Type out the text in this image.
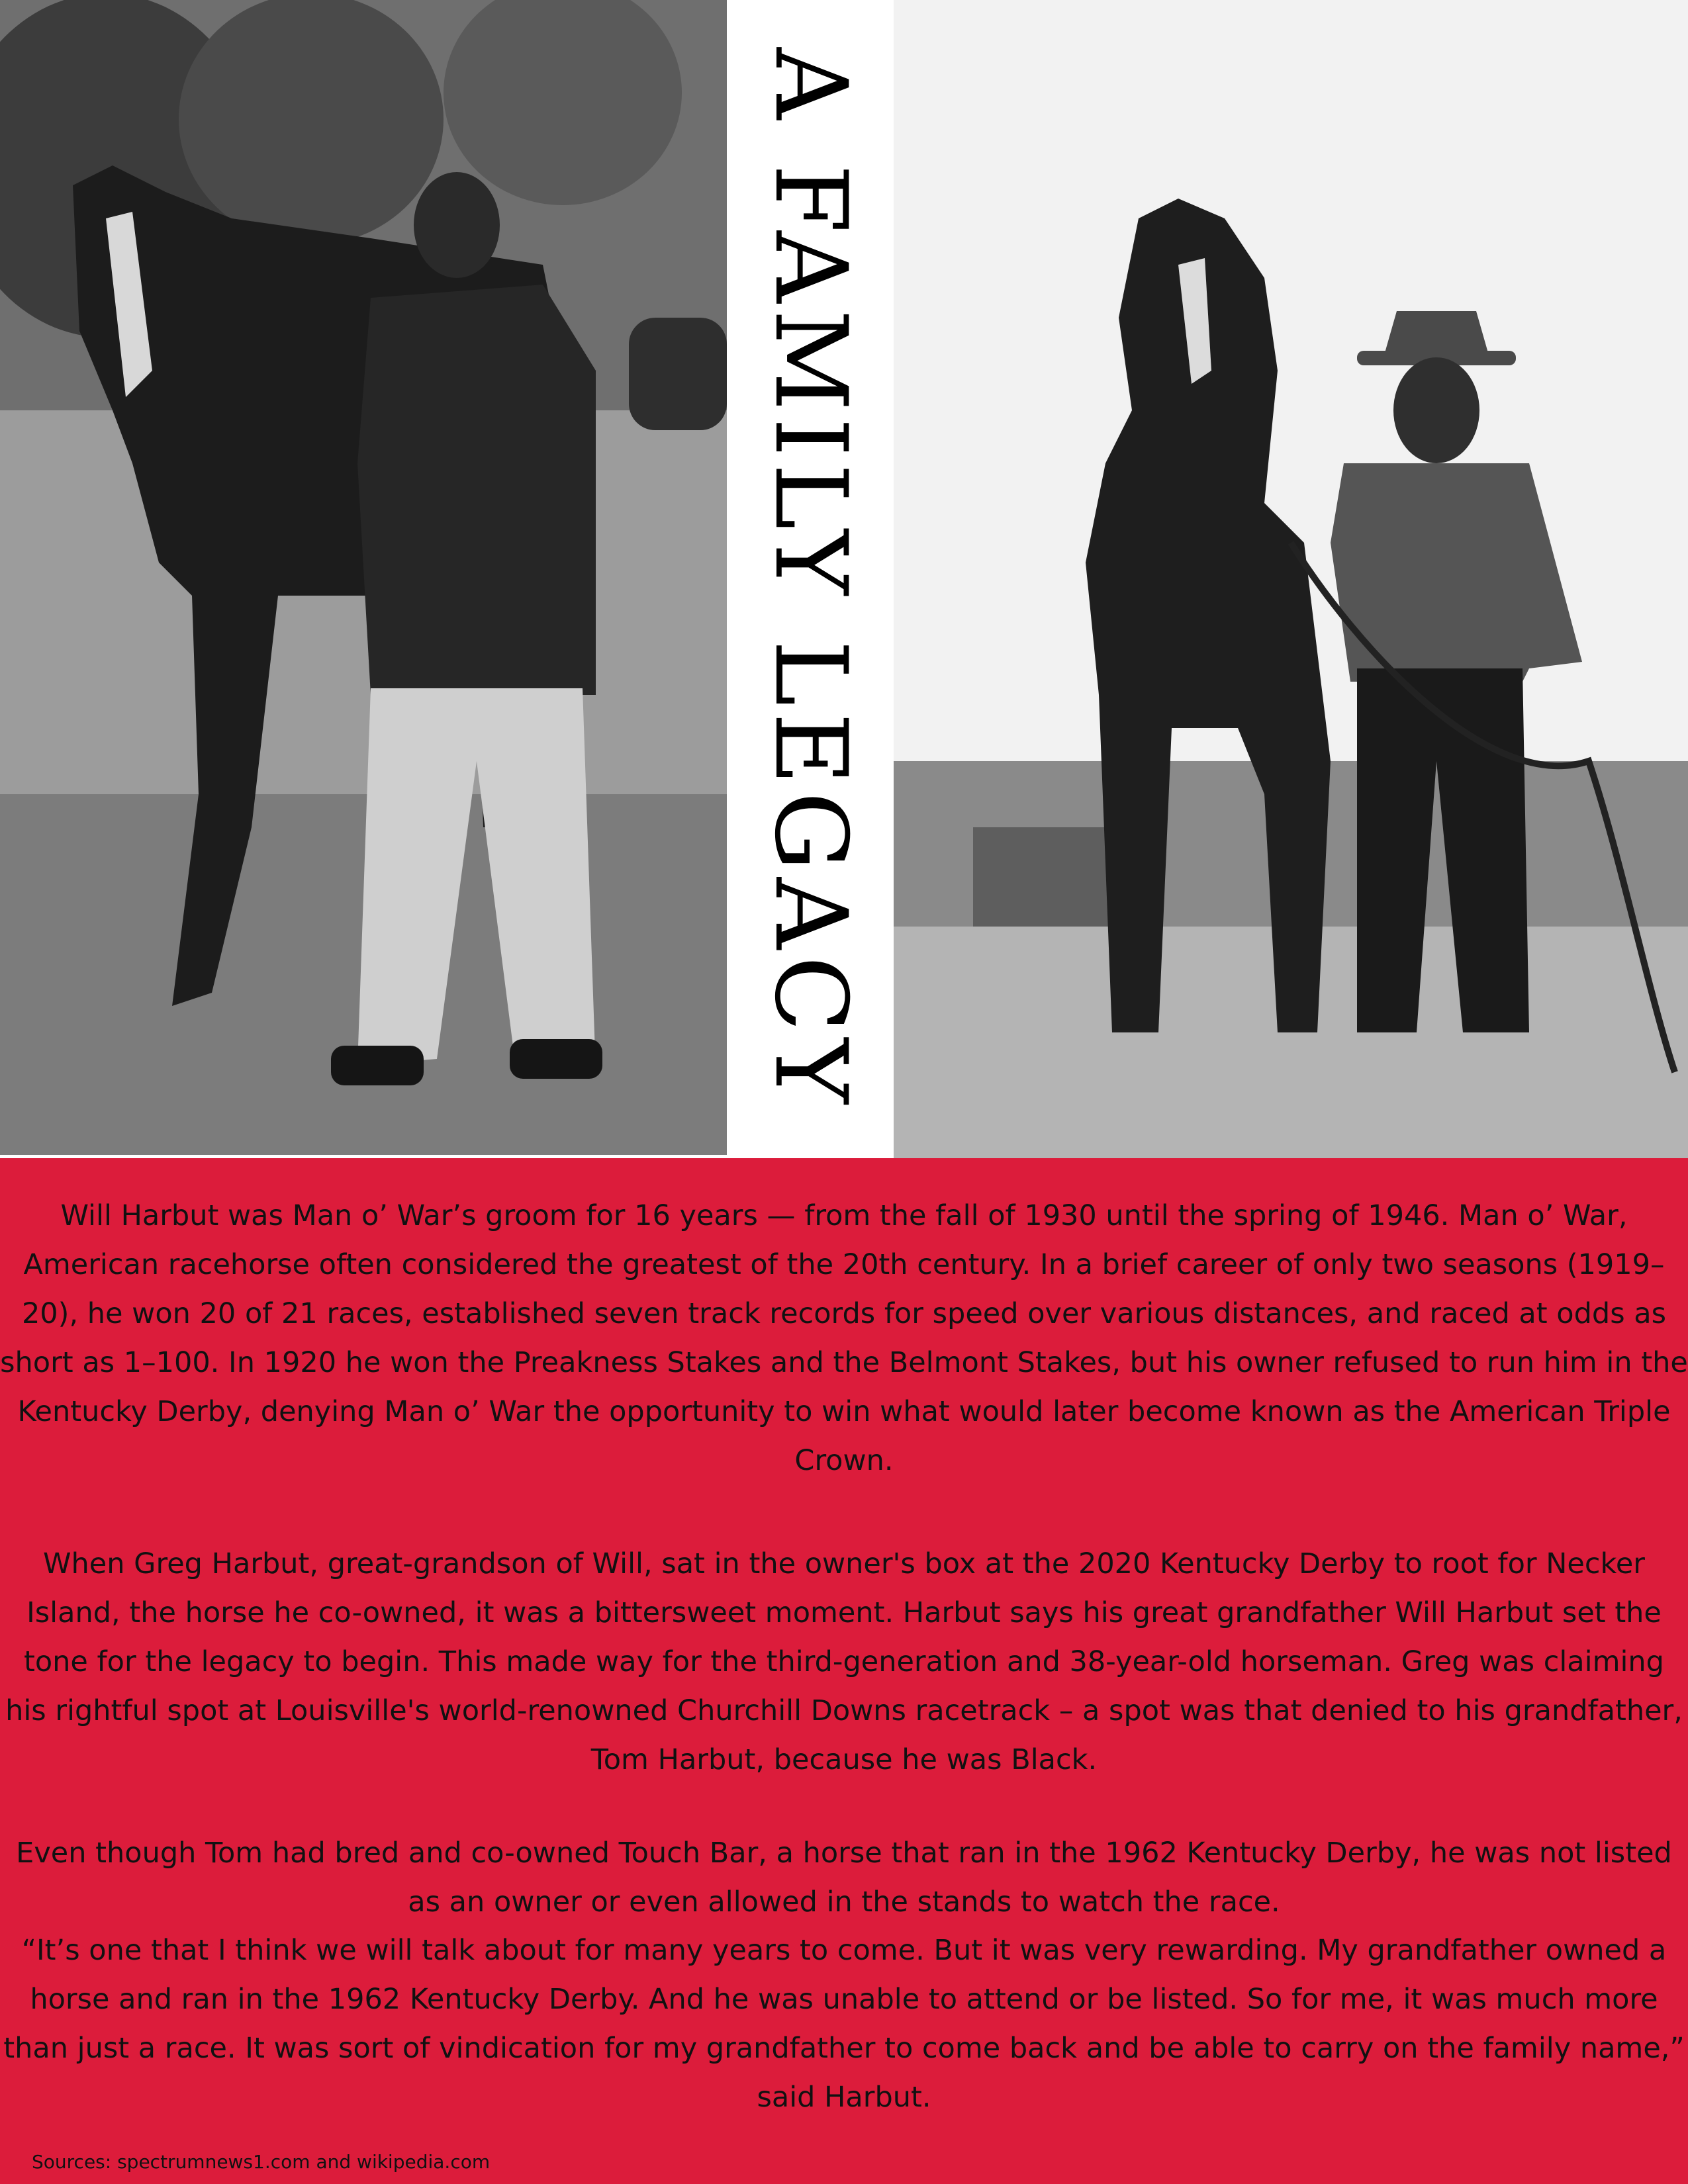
A FAMILY LEGACY

Will Harbut was Man o’ War’s groom for 16 years — from the fall of 1930 until the spring of 1946. Man o’ War, American racehorse often considered the greatest of the 20th century. In a brief career of only two seasons (1919–20), he won 20 of 21 races, established seven track records for speed over various distances, and raced at odds as short as 1–100. In 1920 he won the Preakness Stakes and the Belmont Stakes, but his owner refused to run him in the Kentucky Derby, denying Man o’ War the opportunity to win what would later become known as the American Triple Crown.

When Greg Harbut, great-grandson of Will, sat in the owner's box at the 2020 Kentucky Derby to root for Necker Island, the horse he co-owned, it was a bittersweet moment. Harbut says his great grandfather Will Harbut set the tone for the legacy to begin. This made way for the third-generation and 38-year-old horseman. Greg was claiming his rightful spot at Louisville's world-renowned Churchill Downs racetrack – a spot was that denied to his grandfather, Tom Harbut, because he was Black.

Even though Tom had bred and co-owned Touch Bar, a horse that ran in the 1962 Kentucky Derby, he was not listed as an owner or even allowed in the stands to watch the race.

“It’s one that I think we will talk about for many years to come. But it was very rewarding. My grandfather owned a horse and ran in the 1962 Kentucky Derby. And he was unable to attend or be listed. So for me, it was much more than just a race. It was sort of vindication for my grandfather to come back and be able to carry on the family name,” said Harbut.

Sources: spectrumnews1.com and wikipedia.com
